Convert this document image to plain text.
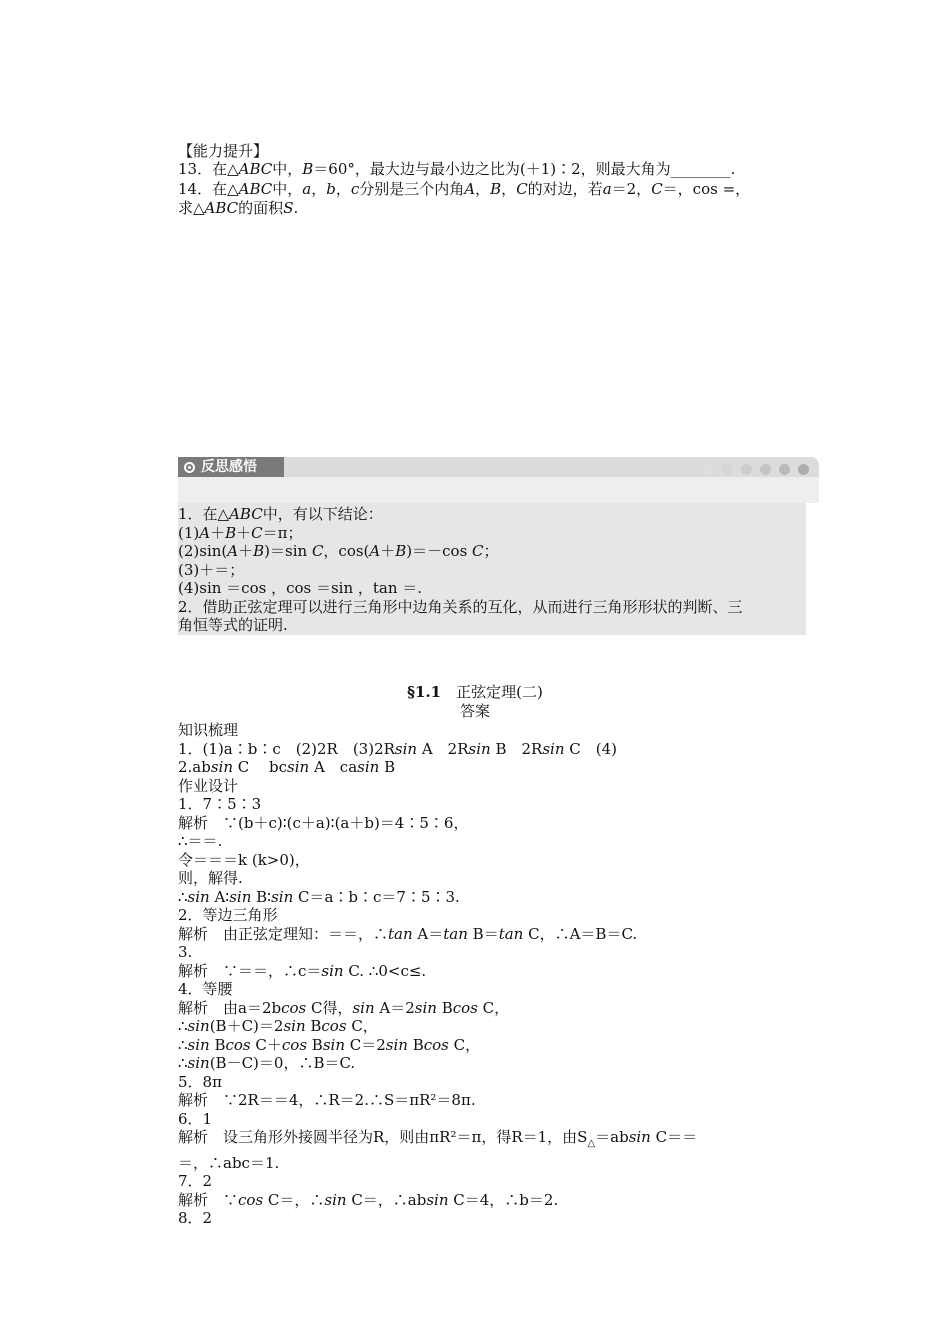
【能力提升】
13．在△ABC中，B＝60°，最大边与最小边之比为(＋1)∶2，则最大角为________.
14．在△ABC中，a，b，c分别是三个内角A，B，C的对边，若a＝2，C＝，cos =，
求△ABC的面积S.
反思感悟
1．在△ABC中，有以下结论：
(1)A＋B＋C＝π；
(2)sin(A＋B)＝sin C，cos(A＋B)＝－cos C；
(3)＋＝；
(4)sin ＝cos ，cos ＝sin ，tan ＝.
2．借助正弦定理可以进行三角形中边角关系的互化，从而进行三角形形状的判断、三
角恒等式的证明.
§1.1　正弦定理(二)
答案
知识梳理
1．(1)a∶b∶c　(2)2R　(3)2Rsin A　2Rsin B　2Rsin C　(4)
2.absin C　 bcsin A　casin B
作业设计
1．7∶5∶3
解析　∵(b＋c)∶(c＋a)∶(a＋b)＝4∶5∶6，
∴＝＝.
令＝＝＝k (k>0)，
则，解得.
∴sin A∶sin B∶sin C＝a∶b∶c＝7∶5∶3.
2．等边三角形
解析　由正弦定理知：＝＝，∴tan A＝tan B＝tan C，∴A＝B＝C.
3.
解析　∵＝＝，∴c＝sin C. ∴0<c≤.
4．等腰
解析　由a＝2bcos C得，sin A＝2sin Bcos C，
∴sin(B＋C)＝2sin Bcos C，
∴sin Bcos C＋cos Bsin C＝2sin Bcos C，
∴sin(B－C)＝0，∴B＝C.
5．8π
解析　∵2R＝＝4，∴R＝2.∴S＝πR²＝8π.
6．1
解析　设三角形外接圆半径为R，则由πR²＝π，得R＝1，由$S_\triangle=absin$ C＝＝
＝，∴abc＝1.
7．2
解析　∵cos C＝，∴sin C＝，∴absin C＝4，∴b＝2.
8．2
